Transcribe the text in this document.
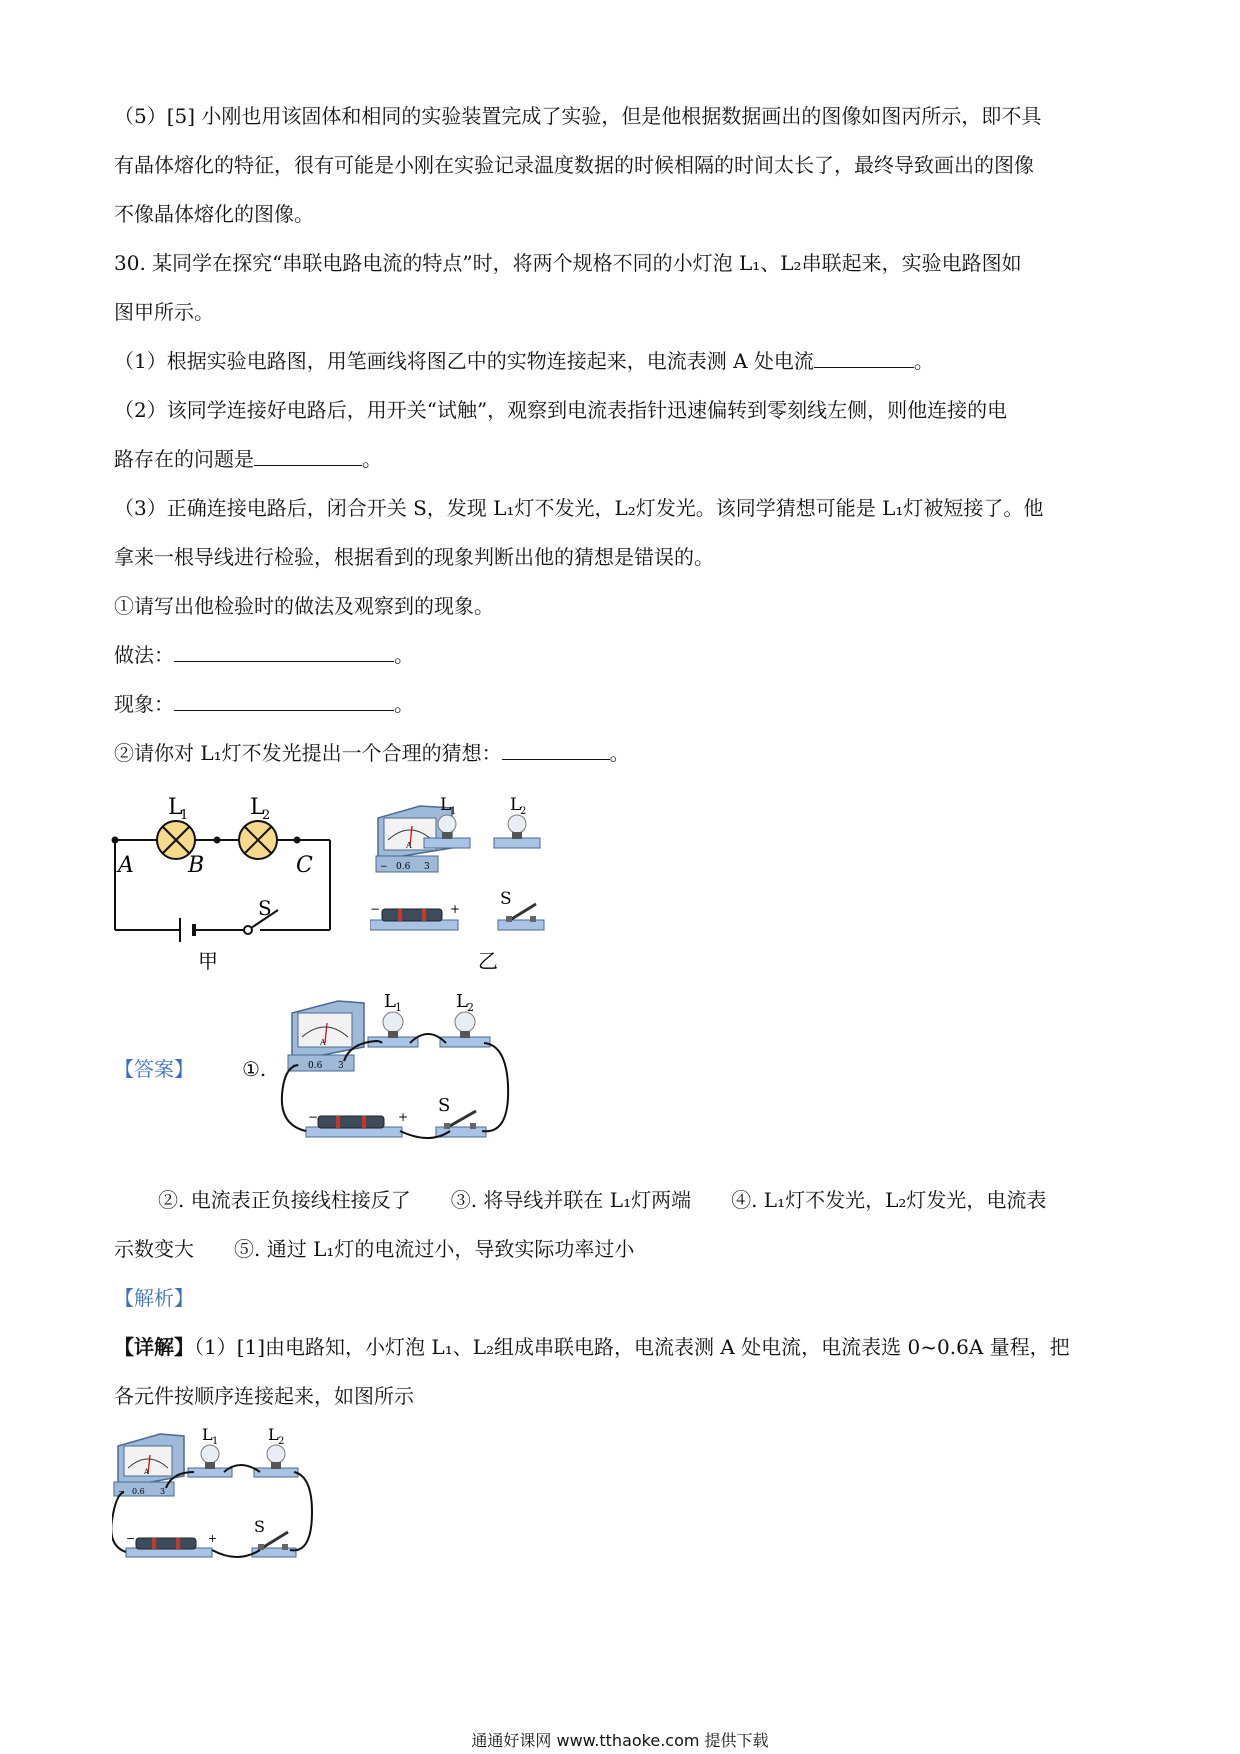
（5）[5] 小刚也用该固体和相同的实验装置完成了实验，但是他根据数据画出的图像如图丙所示，即不具
有晶体熔化的特征，很有可能是小刚在实验记录温度数据的时候相隔的时间太长了，最终导致画出的图像
不像晶体熔化的图像。
30. 某同学在探究“串联电路电流的特点”时，将两个规格不同的小灯泡 L₁、L₂串联起来，实验电路图如
图甲所示。
（1）根据实验电路图，用笔画线将图乙中的实物连接起来，电流表测 A 处电流	。
（2）该同学连接好电路后，用开关“试触”，观察到电流表指针迅速偏转到零刻线左侧，则他连接的电
路存在的问题是	。
（3）正确连接电路后，闭合开关 S，发现 L₁灯不发光，L₂灯发光。该同学猜想可能是 L₁灯被短接了。他
拿来一根导线进行检验，根据看到的现象判断出他的猜想是错误的。
①请写出他检验时的做法及观察到的现象。
做法：	。
现象：	。
②请你对 L₁灯不发光提出一个合理的猜想：	。
L
1	L
2
A B	C
S
甲
A
− 0.6 3
L
1	L
2
−	+ S
乙
【答案】 ①.
A
− 0.6 3
L 1	L 2
−	+
S
②. 电流表正负接线柱接反了　　③. 将导线并联在 L₁灯两端　　④. L₁灯不发光，L₂灯发光，电流表
示数变大　　⑤. 通过 L₁灯的电流过小，导致实际功率过小
【解析】
【详解】（1）[1]由电路知，小灯泡 L₁、L₂组成串联电路，电流表测 A 处电流，电流表选 0~0.6A 量程，把
各元件按顺序连接起来，如图所示
A
− 0.6 3
L 1	L 2
−	+
S
通通好课网 www.tthaoke.com 提供下载
